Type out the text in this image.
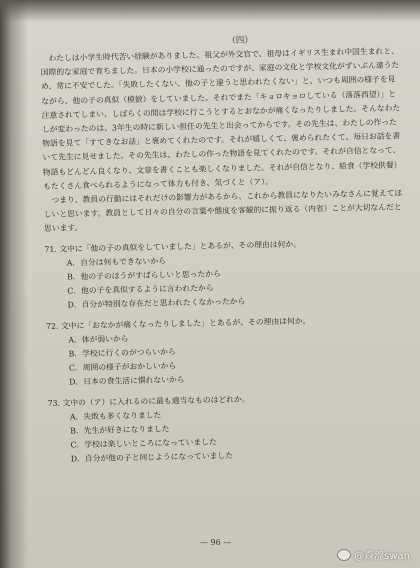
（四）

わたしは小学生時代苦い経験がありました。祖父が外交官で、祖母はイギリス生まれ中国生まれと、国際的な家庭で育ちました。日本の小学校に通ったのですが、家庭の文化と学校文化がずいぶん違うため、常に不安でした。「失敗したくない、他の子と違うと思われたくない」と、いつも周囲の様子を見ながら、他の子の真似（模倣）をしていました。それでまた「キョロキョロしている（落落西望）」と注意されてしまい、しばらくの間は学校に行こうとするとおなかが痛くなったりしました。そんなわたしが変わったのは、3年生の時に新しい担任の先生と出会ってからです。その先生は、わたしの作った物語を見て「すてきなお話」と褒めてくれたのです。それが嬉しくて、褒められたくて、毎日お話を書いて先生に見せました。その先生は、わたしの作った物語を見てくれたのです。それが自信となって、物語もどんどん良くなり、文章を書くことも楽しくなりました。それが自信となり、給食（学校供餐）もたくさん食べられるようになって体力も付き、気づくと（ア）。

つまり、教員の行動にはそれだけの影響力があるから、これから教員になりたいみなさんに覚えてほしいと思います。教員として日々の自分の言葉や態度を客観的に振り返る（内省）ことが大切なんだと思います。

71. 文中に「他の子の真似をしていました」とあるが、その理由は何か。

A．自分は何もできないから

B．他の子のほうがすばらしいと思ったから

C．他の子を真似するように言われたから

D．自分が特別な存在だと思われたくなかったから

72. 文中に「おなかが痛くなったりしました」とあるが、その理由は何か。

A．体が弱いから

B．学校に行くのがつらいから

C．周囲の様子がおかしいから

D．日本の食生活に慣れないから

73. 文中の（ア）に入れるのに最も適当なものはどれか。

A．失敗も多くなりました

B．先生が好きになりました

C．学校は楽しいところになっていました

D．自分が他の子と同じようになっていました

— 96 —
@森涩swan
